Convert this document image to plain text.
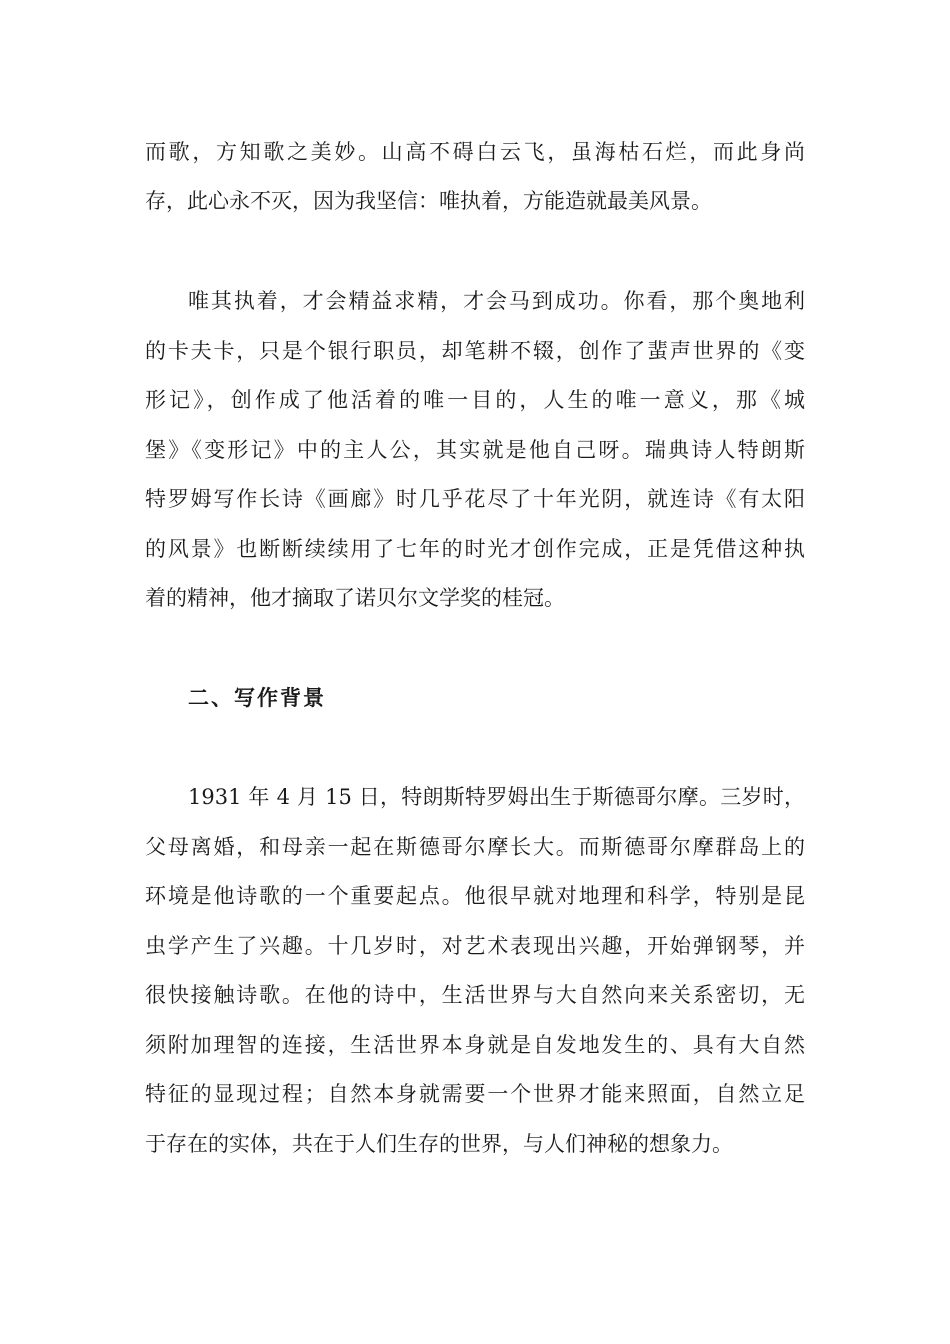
而歌，方知歌之美妙。山高不碍白云飞，虽海枯石烂，而此身尚

存，此心永不灭，因为我坚信：唯执着，方能造就最美风景。

唯其执着，才会精益求精，才会马到成功。你看，那个奥地利

的卡夫卡，只是个银行职员，却笔耕不辍，创作了蜚声世界的《变

形记》，创作成了他活着的唯一目的，人生的唯一意义，那《城

堡》《变形记》中的主人公，其实就是他自己呀。瑞典诗人特朗斯

特罗姆写作长诗《画廊》时几乎花尽了十年光阴，就连诗《有太阳

的风景》也断断续续用了七年的时光才创作完成，正是凭借这种执

着的精神，他才摘取了诺贝尔文学奖的桂冠。

二、写作背景

1931 年 4 月 15 日，特朗斯特罗姆出生于斯德哥尔摩。三岁时，

父母离婚，和母亲一起在斯德哥尔摩长大。而斯德哥尔摩群岛上的

环境是他诗歌的一个重要起点。他很早就对地理和科学，特别是昆

虫学产生了兴趣。十几岁时，对艺术表现出兴趣，开始弹钢琴，并

很快接触诗歌。在他的诗中，生活世界与大自然向来关系密切，无

须附加理智的连接，生活世界本身就是自发地发生的、具有大自然

特征的显现过程；自然本身就需要一个世界才能来照面，自然立足

于存在的实体，共在于人们生存的世界，与人们神秘的想象力。
